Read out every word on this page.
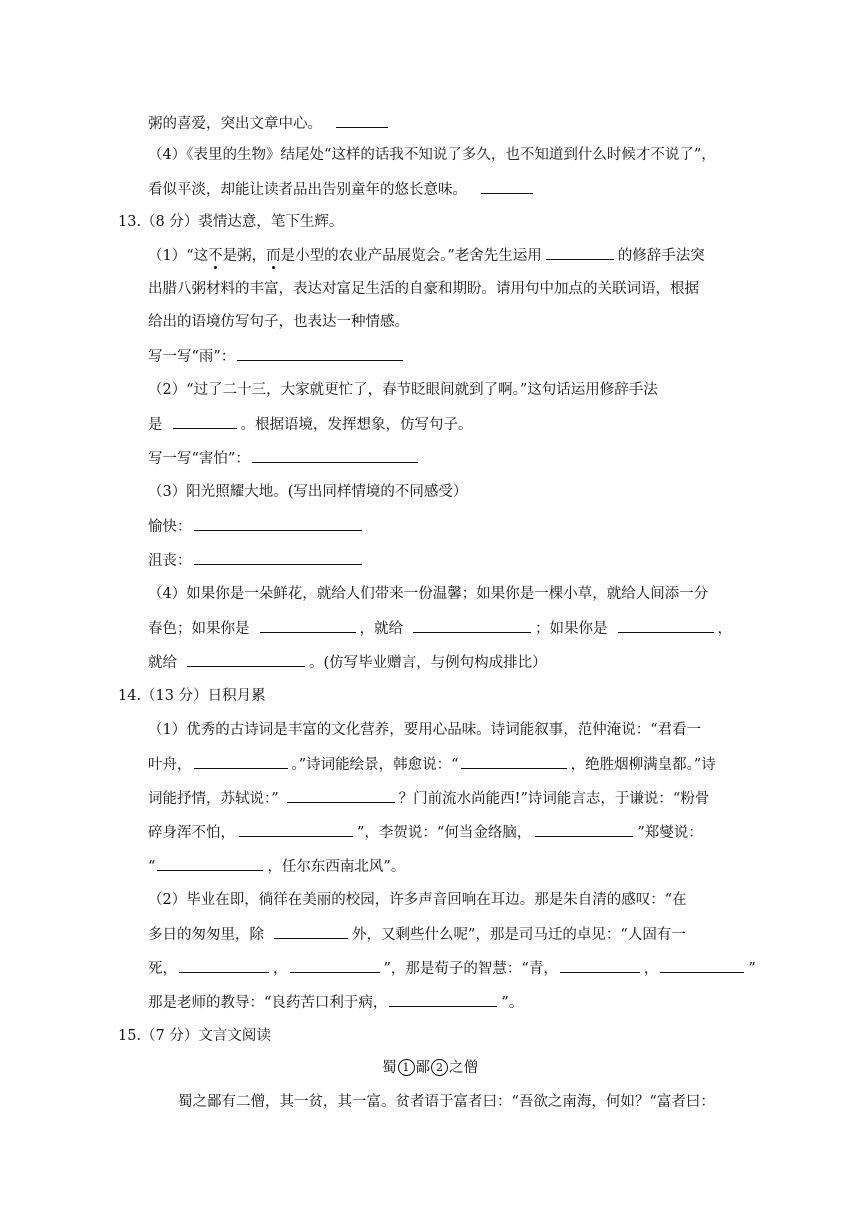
粥的喜爱，突出文章中心。
（4）《表里的生物》结尾处“这样的话我不知说了多久，也不知道到什么时候才不说了”，
看似平淡，却能让读者品出告别童年的悠长意味。
13.（8 分）裘情达意，笔下生辉。
（1）“这不是粥，而是小型的农业产品展览会。”老舍先生运用	的修辞手法突
出腊八粥材料的丰富，表达对富足生活的自豪和期盼。请用句中加点的关联词语，根据
给出的语境仿写句子，也表达一种情感。
写一写“雨”：
（2）“过了二十三，大家就更忙了，春节眨眼间就到了啊。”这句话运用修辞手法
是	。根据语境，发挥想象，仿写句子。
写一写“害怕”：
（3）阳光照耀大地。(写出同样情境的不同感受）
愉快：
沮丧：
（4）如果你是一朵鲜花，就给人们带来一份温馨；如果你是一棵小草，就给人间添一分
春色；如果你是	，就给	；如果你是	，
就给	。(仿写毕业赠言，与例句构成排比）
14.（13 分）日积月累
（1）优秀的古诗词是丰富的文化营养，要用心品味。诗词能叙事，范仲淹说：“君看一
叶舟，	。”诗词能绘景，韩愈说：“	，绝胜烟柳满皇都。”诗
词能抒情，苏轼说：”	？门前流水尚能西!”诗词能言志，于谦说：“粉骨
碎身浑不怕，	”，李贺说：“何当金络脑，	”郑燮说：
“	，任尔东西南北风”。
（2）毕业在即，徜徉在美丽的校园，许多声音回响在耳边。那是朱自清的感叹：“在
多日的匆匆里，除	外，又剩些什么呢”，那是司马迁的卓见：“人固有一
死，	，	”，那是荀子的智慧：“青，	，	”
那是老师的教导：“良药苦口利于病，	”。
15.（7 分）文言文阅读
蜀 1 鄙 2 之僧
蜀之鄙有二僧，其一贫，其一富。贫者语于富者曰：“吾欲之南海，何如？“富者曰：
